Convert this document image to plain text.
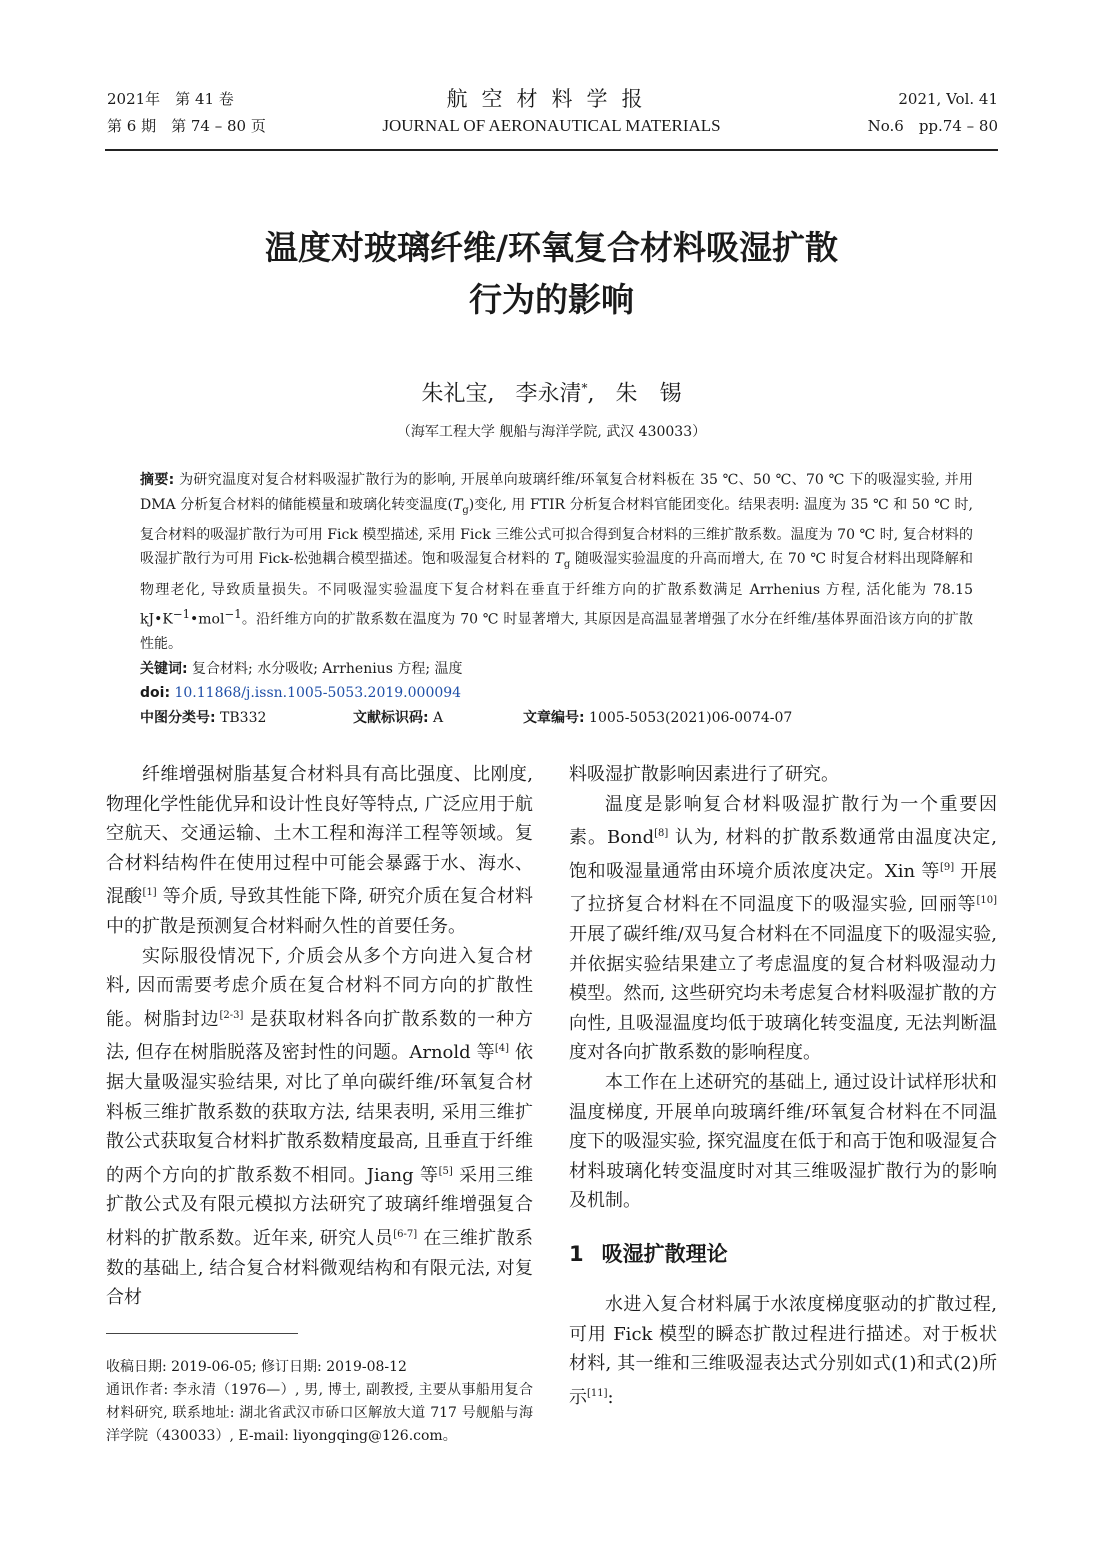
2021年　第 41 卷
第 6 期　第 74 – 80 页
航空材料学报
JOURNAL OF AERONAUTICAL MATERIALS
2021, Vol. 41
No.6　pp.74 – 80
温度对玻璃纤维/环氧复合材料吸湿扩散
行为的影响
朱礼宝, 李永清*, 朱　锡
（海军工程大学 舰船与海洋学院, 武汉 430033）
摘要: 为研究温度对复合材料吸湿扩散行为的影响, 开展单向玻璃纤维/环氧复合材料板在 35 ℃、50 ℃、70 ℃ 下的吸湿实验, 并用 DMA 分析复合材料的储能模量和玻璃化转变温度$(T_g)$变化, 用 FTIR 分析复合材料官能团变化。结果表明: 温度为 35 ℃ 和 50 ℃ 时, 复合材料的吸湿扩散行为可用 Fick 模型描述, 采用 Fick 三维公式可拟合得到复合材料的三维扩散系数。温度为 70 ℃ 时, 复合材料的吸湿扩散行为可用 Fick-松弛耦合模型描述。饱和吸湿复合材料的 $T_g$ 随吸湿实验温度的升高而增大, 在 70 ℃ 时复合材料出现降解和物理老化, 导致质量损失。不同吸湿实验温度下复合材料在垂直于纤维方向的扩散系数满足 Arrhenius 方程, 活化能为 78.15 $kJ•K^{-1}•mol^{-1}$。沿纤维方向的扩散系数在温度为 70 ℃ 时显著增大, 其原因是高温显著增强了水分在纤维/基体界面沿该方向的扩散性能。
关键词: 复合材料; 水分吸收; Arrhenius 方程; 温度
doi: 10.11868/j.issn.1005-5053.2019.000094
中图分类号: TB332	文献标识码: A	文章编号: 1005-5053(2021)06-0074-07

纤维增强树脂基复合材料具有高比强度、比刚度, 物理化学性能优异和设计性良好等特点, 广泛应用于航空航天、交通运输、土木工程和海洋工程等领域。复合材料结构件在使用过程中可能会暴露于水、海水、混酸[1] 等介质, 导致其性能下降, 研究介质在复合材料中的扩散是预测复合材料耐久性的首要任务。

实际服役情况下, 介质会从多个方向进入复合材料, 因而需要考虑介质在复合材料不同方向的扩散性能。树脂封边[2-3] 是获取材料各向扩散系数的一种方法, 但存在树脂脱落及密封性的问题。Arnold 等[4] 依据大量吸湿实验结果, 对比了单向碳纤维/环氧复合材料板三维扩散系数的获取方法, 结果表明, 采用三维扩散公式获取复合材料扩散系数精度最高, 且垂直于纤维的两个方向的扩散系数不相同。Jiang 等[5] 采用三维扩散公式及有限元模拟方法研究了玻璃纤维增强复合材料的扩散系数。近年来, 研究人员[6-7] 在三维扩散系数的基础上, 结合复合材料微观结构和有限元法, 对复合材

料吸湿扩散影响因素进行了研究。

温度是影响复合材料吸湿扩散行为一个重要因素。Bond[8] 认为, 材料的扩散系数通常由温度决定, 饱和吸湿量通常由环境介质浓度决定。Xin 等[9] 开展了拉挤复合材料在不同温度下的吸湿实验, 回丽等[10] 开展了碳纤维/双马复合材料在不同温度下的吸湿实验, 并依据实验结果建立了考虑温度的复合材料吸湿动力模型。然而, 这些研究均未考虑复合材料吸湿扩散的方向性, 且吸湿温度均低于玻璃化转变温度, 无法判断温度对各向扩散系数的影响程度。

本工作在上述研究的基础上, 通过设计试样形状和温度梯度, 开展单向玻璃纤维/环氧复合材料在不同温度下的吸湿实验, 探究温度在低于和高于饱和吸湿复合材料玻璃化转变温度时对其三维吸湿扩散行为的影响及机制。

1 吸湿扩散理论

水进入复合材料属于水浓度梯度驱动的扩散过程, 可用 Fick 模型的瞬态扩散过程进行描述。对于板状材料, 其一维和三维吸湿表达式分别如式(1)和式(2)所示[11]:

收稿日期: 2019-06-05; 修订日期: 2019-08-12

通讯作者: 李永清（1976—）, 男, 博士, 副教授, 主要从事船用复合材料研究, 联系地址: 湖北省武汉市硚口区解放大道 717 号舰船与海洋学院（430033）, E-mail: liyongqing@126.com。
